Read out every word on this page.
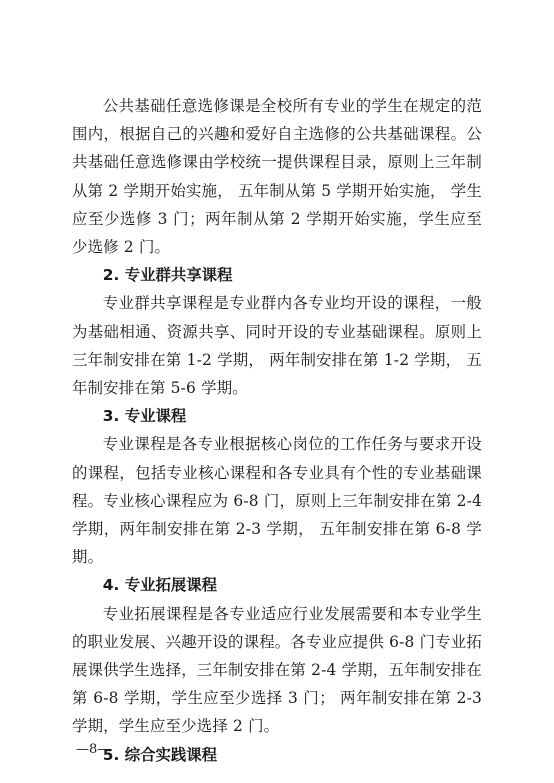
公共基础任意选修课是全校所有专业的学生在规定的范围内，根据自己的兴趣和爱好自主选修的公共基础课程。公共基础任意选修课由学校统一提供课程目录，原则上三年制从第 2 学期开始实施， 五年制从第 5 学期开始实施， 学生应至少选修 3 门；两年制从第 2 学期开始实施，学生应至少选修 2 门。

2. 专业群共享课程

专业群共享课程是专业群内各专业均开设的课程，一般为基础相通、资源共享、同时开设的专业基础课程。原则上三年制安排在第 1-2 学期， 两年制安排在第 1-2 学期， 五年制安排在第 5-6 学期。

3. 专业课程

专业课程是各专业根据核心岗位的工作任务与要求开设的课程，包括专业核心课程和各专业具有个性的专业基础课程。专业核心课程应为 6-8 门，原则上三年制安排在第 2-4 学期，两年制安排在第 2-3 学期， 五年制安排在第 6-8 学期。

4. 专业拓展课程

专业拓展课程是各专业适应行业发展需要和本专业学生的职业发展、兴趣开设的课程。各专业应提供 6-8 门专业拓展课供学生选择，三年制安排在第 2-4 学期，五年制安排在第 6-8 学期，学生应至少选择 3 门； 两年制安排在第 2-3 学期，学生应至少选择 2 门。

5. 综合实践课程

—8—
